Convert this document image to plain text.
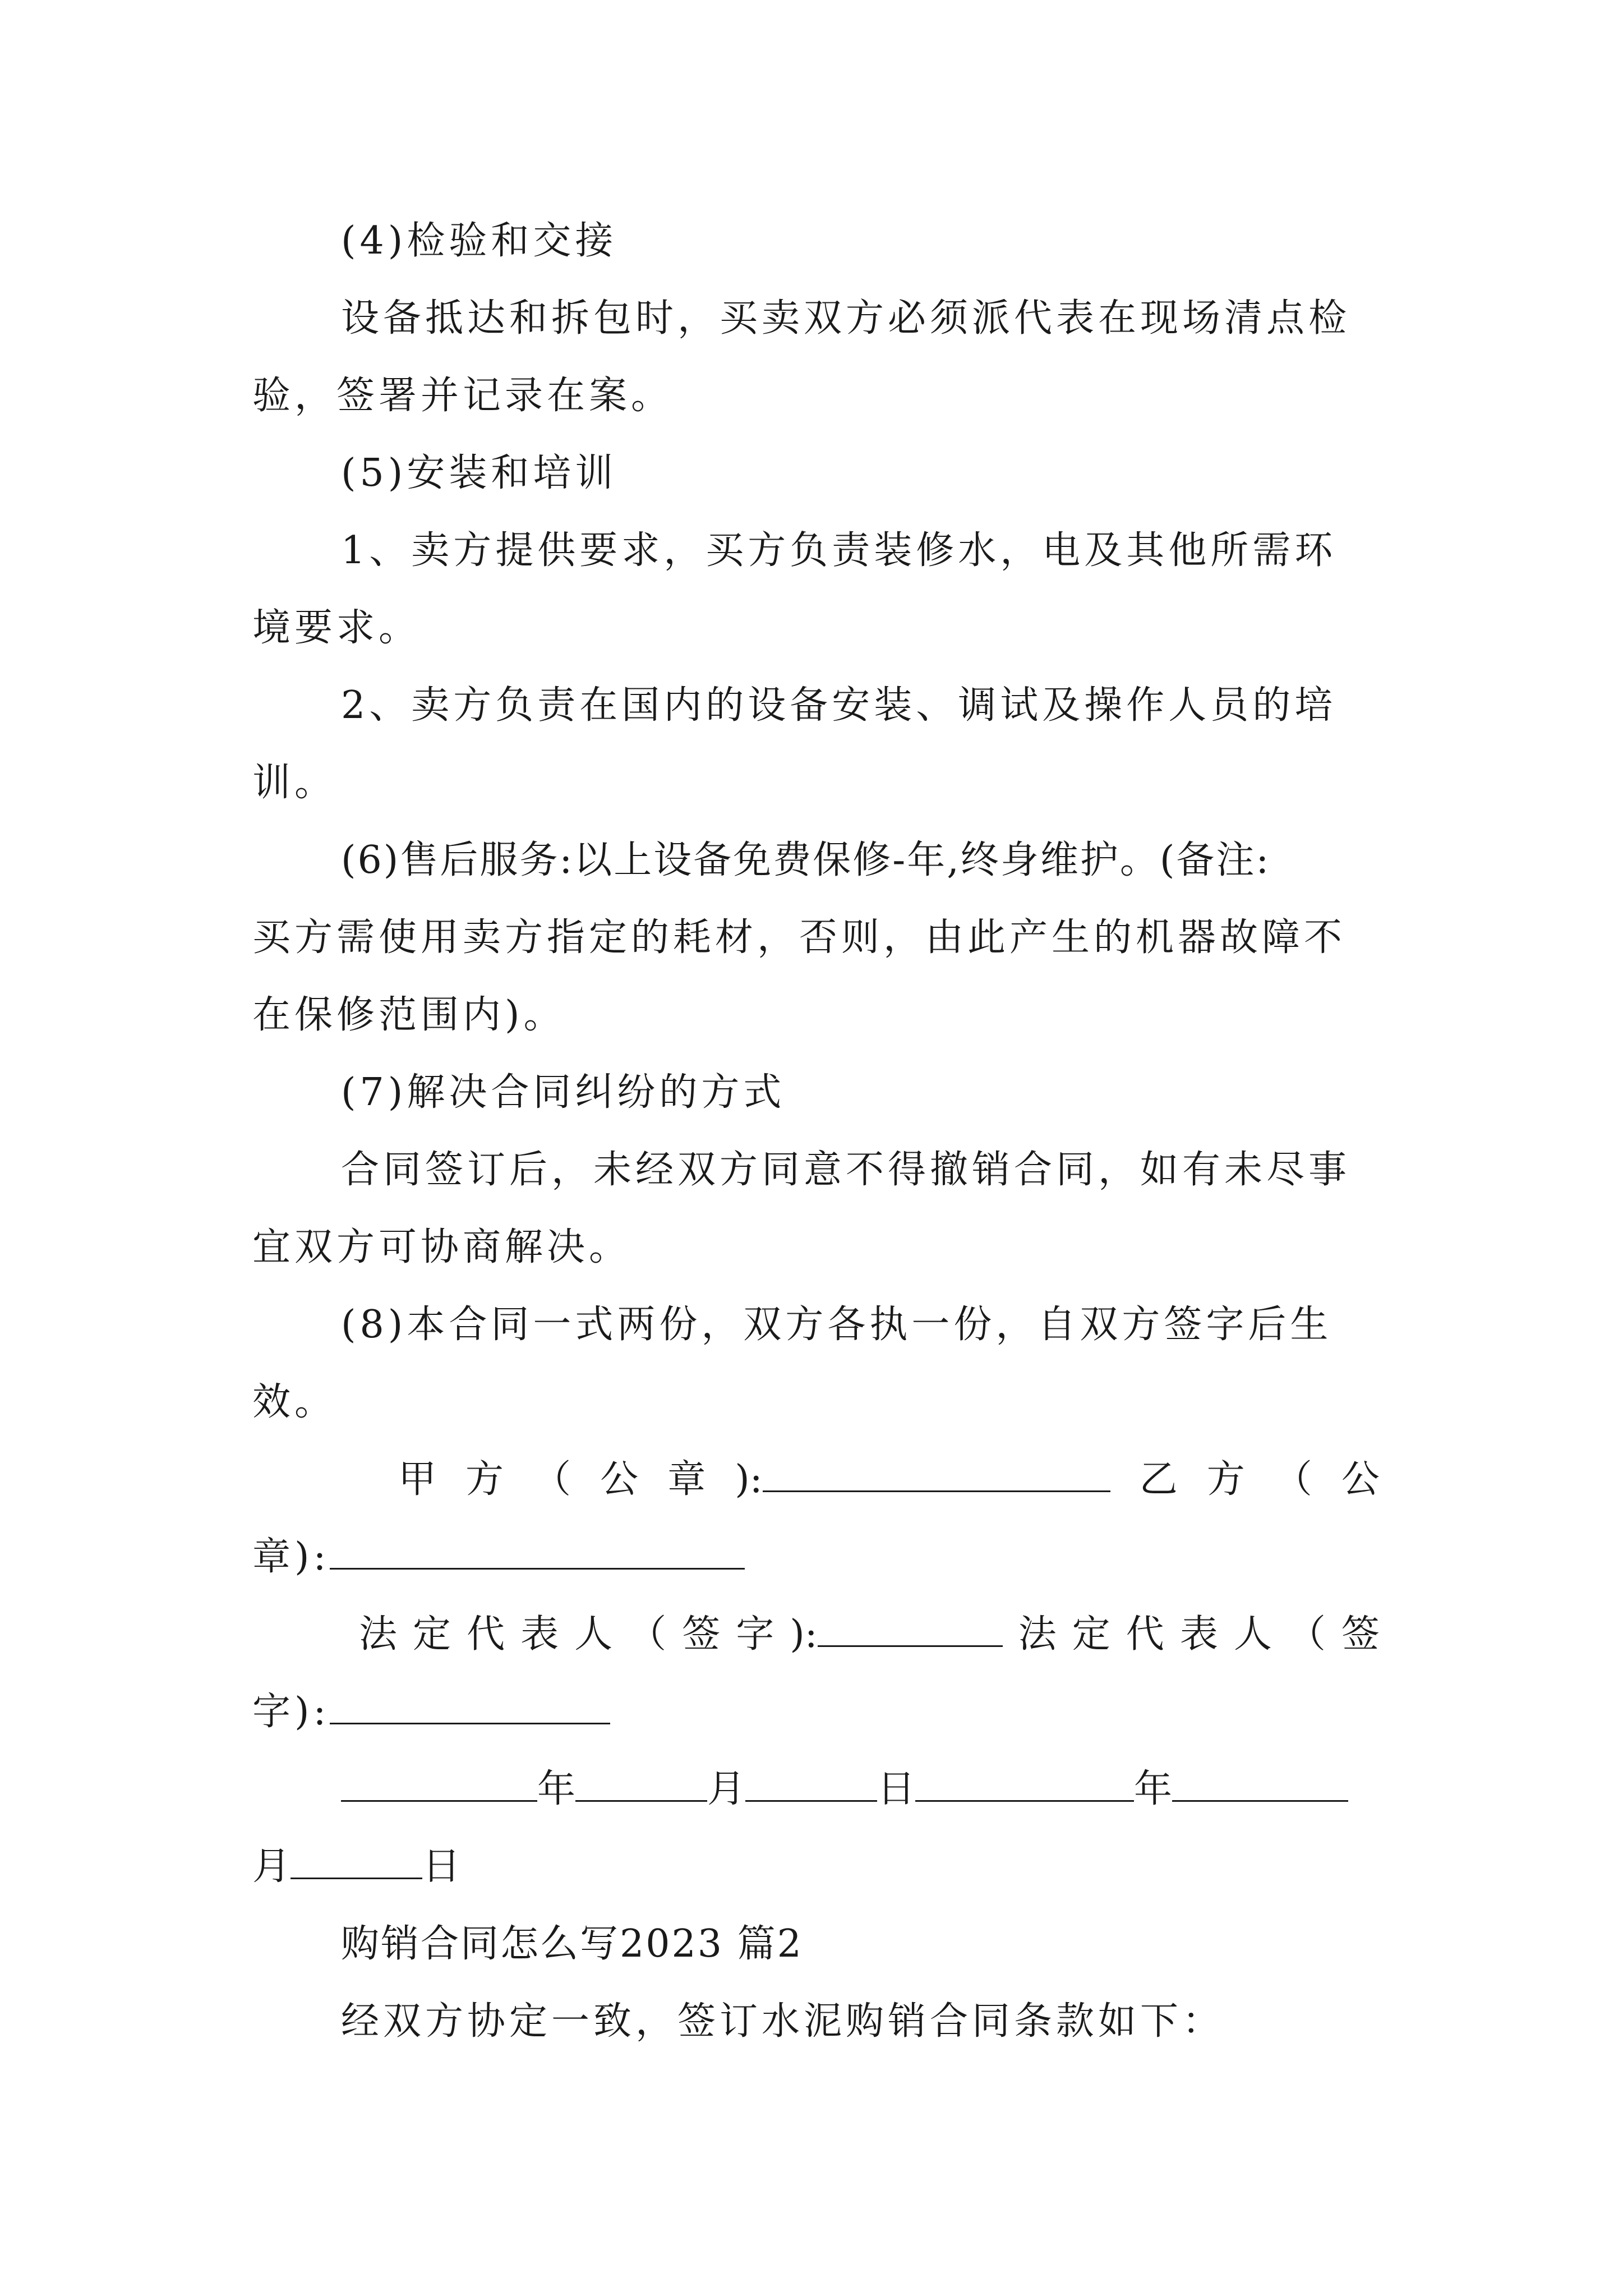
(4)检验和交接
设备抵达和拆包时，买卖双方必须派代表在现场清点检
验，签署并记录在案。
(5)安装和培训
1、卖方提供要求，买方负责装修水，电及其他所需环
境要求。
2、卖方负责在国内的设备安装、调试及操作人员的培
训。
(6)售后服务:以上设备免费保修-年,终身维护。(备注:
买方需使用卖方指定的耗材，否则，由此产生的机器故障不
在保修范围内)。
(7)解决合同纠纷的方式
合同签订后，未经双方同意不得撤销合同，如有未尽事
宜双方可协商解决。
(8)本合同一式两份，双方各执一份，自双方签字后生
效。
甲 方 （ 公 章 ):	乙 方 （ 公
章):
法 定 代 表 人 （ 签 字 ):	法 定 代 表 人 （ 签
字):
年	月	日	年
月	日
购销合同怎么写2023 篇2
经双方协定一致，签订水泥购销合同条款如下：
